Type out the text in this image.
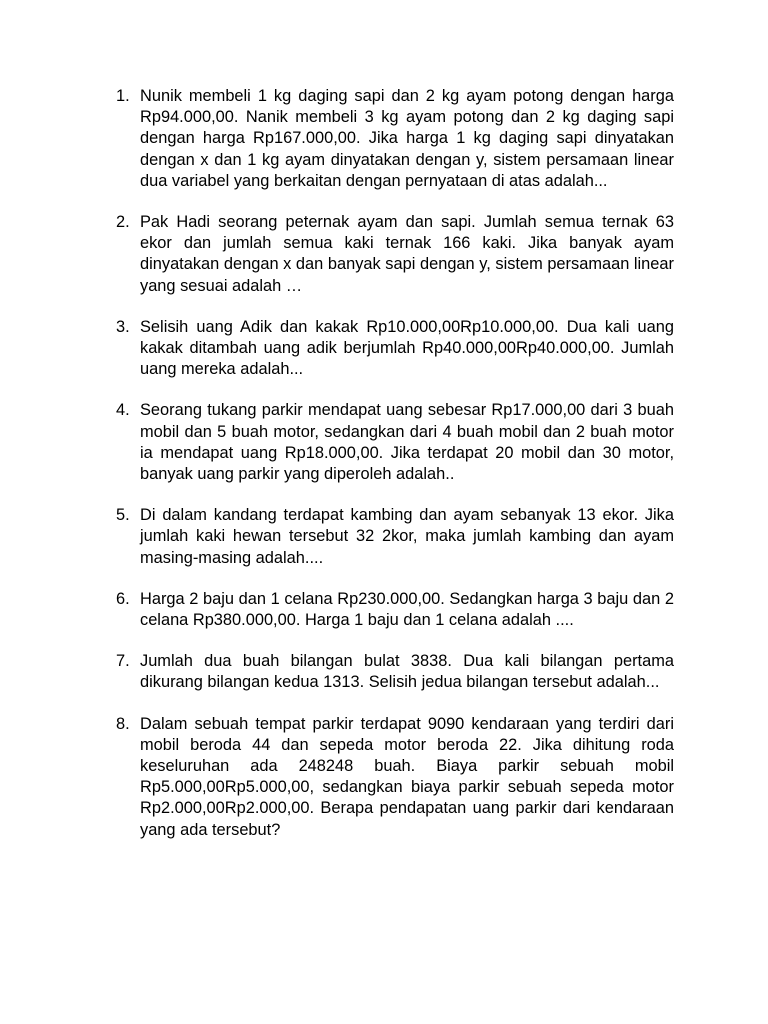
1. Nunik membeli 1 kg daging sapi dan 2 kg ayam potong dengan harga Rp94.000,00. Nanik membeli 3 kg ayam potong dan 2 kg daging sapi dengan harga Rp167.000,00. Jika harga 1 kg daging sapi dinyatakan dengan x dan 1 kg ayam dinyatakan dengan y, sistem persamaan linear dua variabel yang berkaitan dengan pernyataan di atas adalah...
2. Pak Hadi seorang peternak ayam dan sapi. Jumlah semua ternak 63 ekor dan jumlah semua kaki ternak 166 kaki. Jika banyak ayam dinyatakan dengan x dan banyak sapi dengan y, sistem persamaan linear yang sesuai adalah …
3. Selisih uang Adik dan kakak Rp10.000,00Rp10.000,00. Dua kali uang kakak ditambah uang adik berjumlah Rp40.000,00Rp40.000,00. Jumlah uang mereka adalah...
4. Seorang tukang parkir mendapat uang sebesar Rp17.000,00 dari 3 buah mobil dan 5 buah motor, sedangkan dari 4 buah mobil dan 2 buah motor ia mendapat uang Rp18.000,00. Jika terdapat 20 mobil dan 30 motor, banyak uang parkir yang diperoleh adalah..
5. Di dalam kandang terdapat kambing dan ayam sebanyak 13 ekor. Jika jumlah kaki hewan tersebut 32 2kor, maka jumlah kambing dan ayam masing-masing adalah....
6. Harga 2 baju dan 1 celana Rp230.000,00. Sedangkan harga 3 baju dan 2 celana Rp380.000,00. Harga 1 baju dan 1 celana adalah ....
7. Jumlah dua buah bilangan bulat 3838. Dua kali bilangan pertama dikurang bilangan kedua 1313. Selisih jedua bilangan tersebut adalah...
8. Dalam sebuah tempat parkir terdapat 9090 kendaraan yang terdiri dari mobil beroda 44 dan sepeda motor beroda 22. Jika dihitung roda keseluruhan ada 248248 buah. Biaya parkir sebuah mobil Rp5.000,00Rp5.000,00, sedangkan biaya parkir sebuah sepeda motor Rp2.000,00Rp2.000,00. Berapa pendapatan uang parkir dari kendaraan yang ada tersebut?
